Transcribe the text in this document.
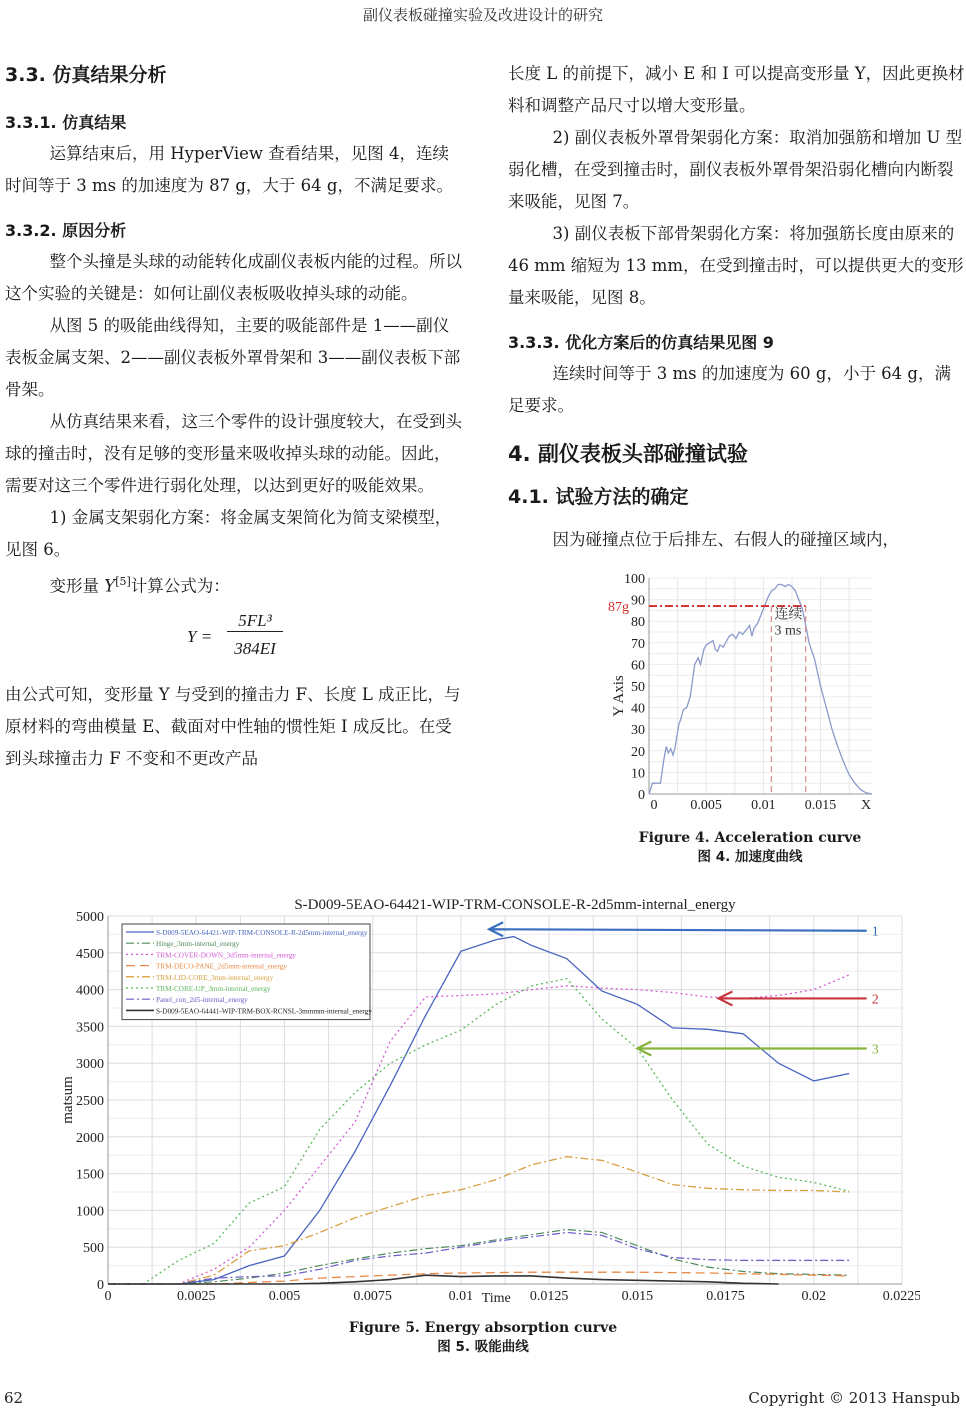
副仪表板碰撞实验及改进设计的研究
3.3. 仿真结果分析
3.3.1. 仿真结果

运算结束后，用 HyperView 查看结果，见图 4，连续时间等于 3 ms 的加速度为 87 g，大于 64 g，不满足要求。

3.3.2. 原因分析

整个头撞是头球的动能转化成副仪表板内能的过程。所以这个实验的关键是：如何让副仪表板吸收掉头球的动能。

从图 5 的吸能曲线得知，主要的吸能部件是 1——副仪表板金属支架、2——副仪表板外罩骨架和 3——副仪表板下部骨架。

从仿真结果来看，这三个零件的设计强度较大，在受到头球的撞击时，没有足够的变形量来吸收掉头球的动能。因此，需要对这三个零件进行弱化处理，以达到更好的吸能效果。

1) 金属支架弱化方案：将金属支架简化为简支梁模型，见图 6。

变形量 Y[5]计算公式为：

Y =
5FL³
384EI

由公式可知，变形量 Y 与受到的撞击力 F、长度 L 成正比，与原材料的弯曲模量 E、截面对中性轴的惯性矩 I 成反比。在受到头球撞击力 F 不变和不更改产品

长度 L 的前提下，减小 E 和 I 可以提高变形量 Y，因此更换材料和调整产品尺寸以增大变形量。

2) 副仪表板外罩骨架弱化方案：取消加强筋和增加 U 型弱化槽，在受到撞击时，副仪表板外罩骨架沿弱化槽向内断裂来吸能，见图 7。

3) 副仪表板下部骨架弱化方案：将加强筋长度由原来的 46 mm 缩短为 13 mm，在受到撞击时，可以提供更大的变形量来吸能，见图 8。

3.3.3. 优化方案后的仿真结果见图 9

连续时间等于 3 ms 的加速度为 60 g，小于 64 g，满足要求。

4. 副仪表板头部碰撞试验
4.1. 试验方法的确定

因为碰撞点位于后排左、右假人的碰撞区域内，

0
10
20
30
40
50
60
70
80
90
100
0 0.005 0.01 0.015 X
Y Axis
87g	连续
3 ms
Figure 4. Acceleration curve
图 4. 加速度曲线
S-D009-5EAO-64421-WIP-TRM-CONSOLE-R-2d5mm-internal_energy
0
500
1000
1500
2000
2500
3000
3500
4000
4500
5000
0	0.0025	0.005	0.0075	0.01	0.0125	0.015	0.0175	0.02	0.0225
Time
matsum
S-D009-5EAO-64421-WIP-TRM-CONSOLE-R-2d5mm-internal_energy
Hinge_3mm-internal_energy
TRM-COVER-DOWN_3d5mm-internal_energy
TRM-DECO-PANE_2d5mm-internal_energy
TRM-LID-CORE_3mm-internal_energy
TRM-CORE-UP_3mm-internal_energy
Panel_con_2d5-internal_energy
S-D009-5EAO-64441-WIP-TRM-BOX-RCNSL-3mmmm-internal_energy
1
2
3
Figure 5. Energy absorption curve
图 5. 吸能曲线
62	Copyright © 2013 Hanspub
